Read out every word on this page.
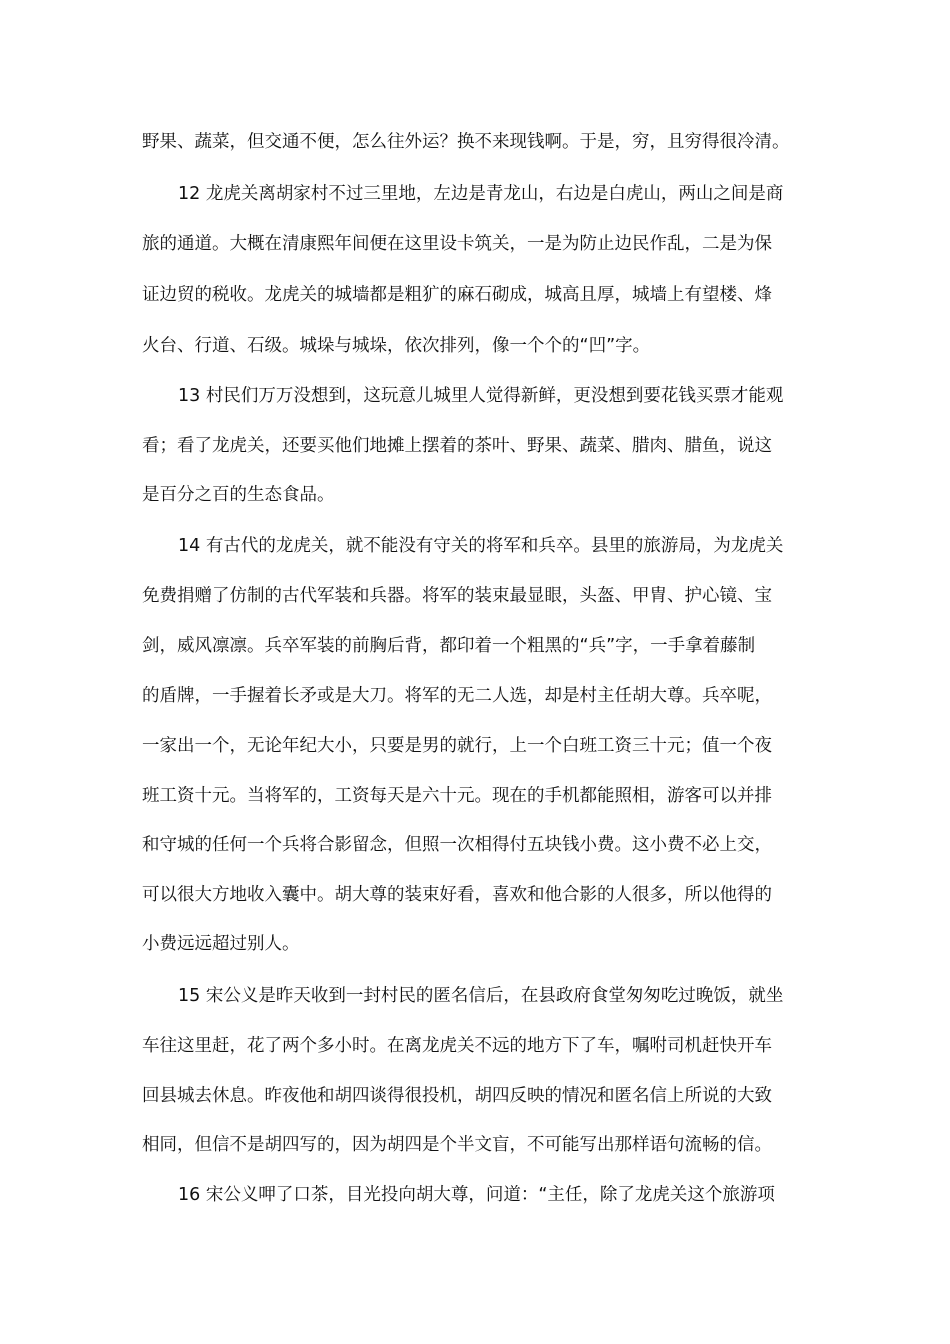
野果、蔬菜，但交通不便，怎么往外运？换不来现钱啊。于是，穷，且穷得很冷清。
12 龙虎关离胡家村不过三里地，左边是青龙山，右边是白虎山，两山之间是商
旅的通道。大概在清康熙年间便在这里设卡筑关，一是为防止边民作乱，二是为保
证边贸的税收。龙虎关的城墙都是粗犷的麻石砌成，城高且厚，城墙上有望楼、烽
火台、行道、石级。城垛与城垛，依次排列，像一个个的“凹”字。
13 村民们万万没想到，这玩意儿城里人觉得新鲜，更没想到要花钱买票才能观
看；看了龙虎关，还要买他们地摊上摆着的茶叶、野果、蔬菜、腊肉、腊鱼，说这
是百分之百的生态食品。
14 有古代的龙虎关，就不能没有守关的将军和兵卒。县里的旅游局，为龙虎关
免费捐赠了仿制的古代军装和兵器。将军的装束最显眼，头盔、甲胄、护心镜、宝
剑，威风凛凛。兵卒军装的前胸后背，都印着一个粗黑的“兵”字，一手拿着藤制
的盾牌，一手握着长矛或是大刀。将军的无二人选，却是村主任胡大尊。兵卒呢，
一家出一个，无论年纪大小，只要是男的就行，上一个白班工资三十元；值一个夜
班工资十元。当将军的，工资每天是六十元。现在的手机都能照相，游客可以并排
和守城的任何一个兵将合影留念，但照一次相得付五块钱小费。这小费不必上交，
可以很大方地收入囊中。胡大尊的装束好看，喜欢和他合影的人很多，所以他得的
小费远远超过别人。
15 宋公义是昨天收到一封村民的匿名信后，在县政府食堂匆匆吃过晚饭，就坐
车往这里赶，花了两个多小时。在离龙虎关不远的地方下了车，嘱咐司机赶快开车
回县城去休息。昨夜他和胡四谈得很投机，胡四反映的情况和匿名信上所说的大致
相同，但信不是胡四写的，因为胡四是个半文盲，不可能写出那样语句流畅的信。
16 宋公义呷了口茶，目光投向胡大尊，问道：“主任，除了龙虎关这个旅游项
